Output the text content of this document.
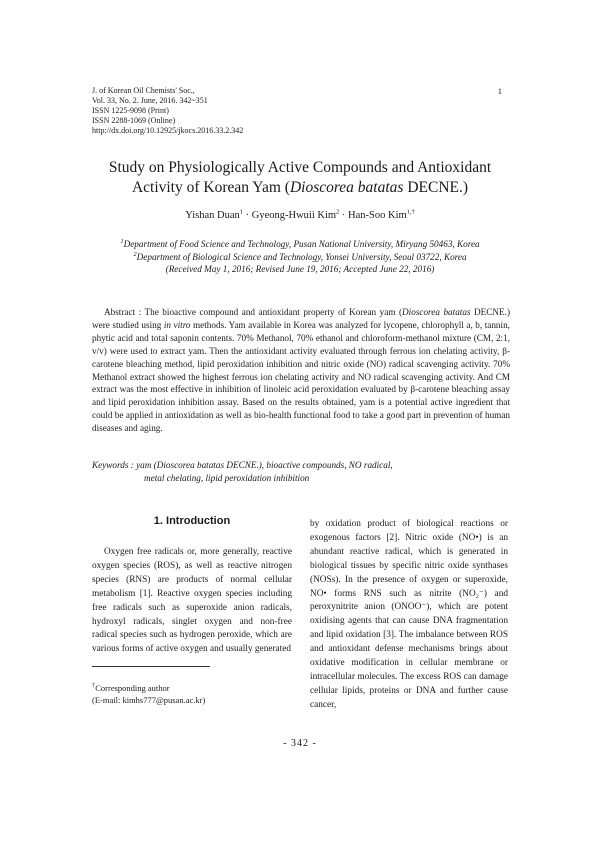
J. of Korean Oil Chemists' Soc.,
Vol. 33, No. 2. June, 2016. 342~351
ISSN 1225-9098 (Print)
ISSN 2288-1069 (Online)
http://dx.doi.org/10.12925/jkocs.2016.33.2.342
1
Study on Physiologically Active Compounds and Antioxidant
Activity of Korean Yam (Dioscorea batatas DECNE.)
Yishan Duan$^1$ · Gyeong-Hwuii Kim$^2$ · Han-Soo Kim$^{1,\dagger}$
$^1$Department of Food Science and Technology, Pusan National University, Miryang 50463, Korea
$^2$Department of Biological Science and Technology, Yonsei University, Seoul 03722, Korea
(Received May 1, 2016; Revised June 19, 2016; Accepted June 22, 2016)

Abstract : The bioactive compound and antioxidant property of Korean yam (Dioscorea batatas DECNE.) were studied using in vitro methods. Yam available in Korea was analyzed for lycopene, chlorophyll a, b, tannin, phytic acid and total saponin contents. 70% Methanol, 70% ethanol and chloroform-methanol mixture (CM, 2:1, v/v) were used to extract yam. Then the antioxidant activity evaluated through ferrous ion chelating activity, β-carotene bleaching method, lipid peroxidation inhibition and nitric oxide (NO) radical scavenging activity. 70% Methanol extract showed the highest ferrous ion chelating activity and NO radical scavenging activity. And CM extract was the most effective in inhibition of linoleic acid peroxidation evaluated by β-carotene bleaching assay and lipid peroxidation inhibition assay. Based on the results obtained, yam is a potential active ingredient that could be applied in antioxidation as well as bio-health functional food to take a good part in prevention of human diseases and aging.

Keywords : yam (Dioscorea batatas DECNE.), bioactive compounds, NO radical,
metal chelating, lipid peroxidation inhibition
1. Introduction

Oxygen free radicals or, more generally, reactive oxygen species (ROS), as well as reactive nitrogen species (RNS) are products of normal cellular metabolism [1]. Reactive oxygen species including free radicals such as superoxide anion radicals, hydroxyl radicals, singlet oxygen and non-free radical species such as hydrogen peroxide, which are various forms of active oxygen and usually generated

by oxidation product of biological reactions or exogenous factors [2]. Nitric oxide (NO•) is an abundant reactive radical, which is generated in biological tissues by specific nitric oxide synthases (NOSs). In the presence of oxygen or superoxide, NO• forms RNS such as nitrite (NO₂⁻) and peroxynitrite anion (ONOO⁻), which are potent oxidising agents that can cause DNA fragmentation and lipid oxidation [3]. The imbalance between ROS and antioxidant defense mechanisms brings about oxidative modification in cellular membrane or intracellular molecules. The excess ROS can damage cellular lipids, proteins or DNA and further cause cancer,

†Corresponding author
(E-mail: kimhs777@pusan.ac.kr)
- 342 -
